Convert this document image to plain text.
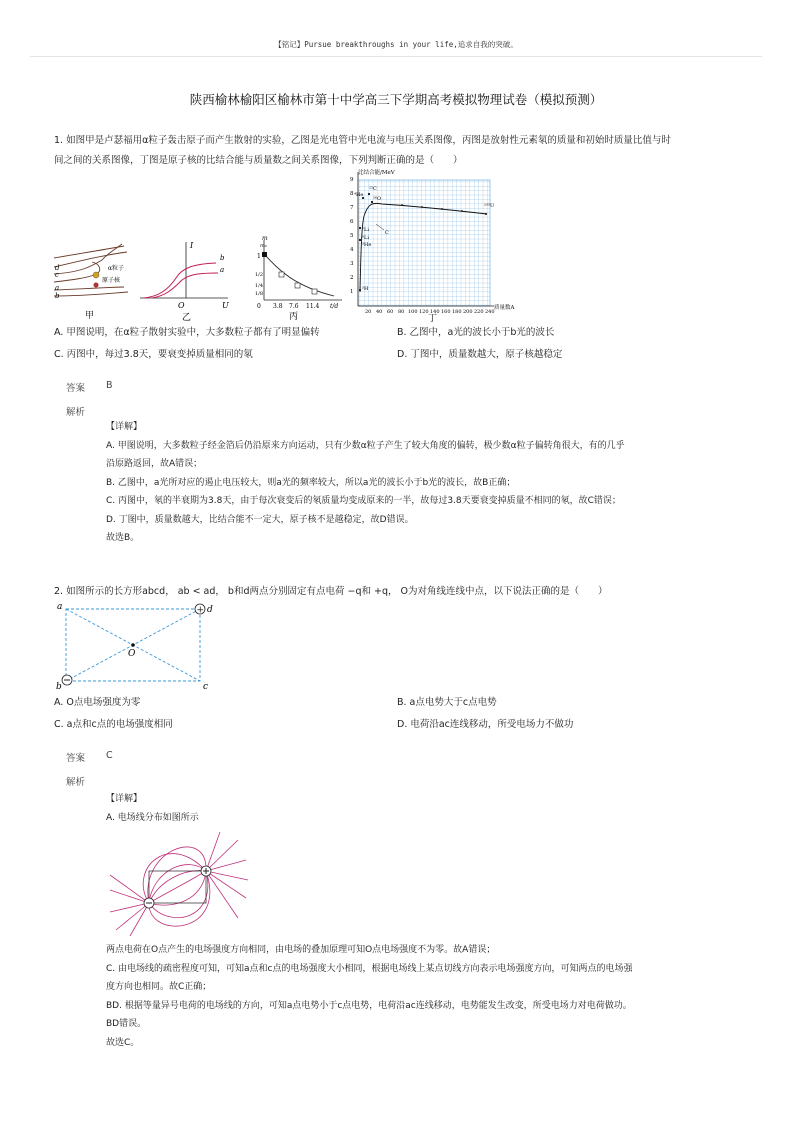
【铭记】Pursue breakthroughs in your life,追求自我的突破。
陕西榆林榆阳区榆林市第十中学高三下学期高考模拟物理试卷（模拟预测）
1. 如图甲是卢瑟福用α粒子轰击原子而产生散射的实验，乙图是光电管中光电流与电压关系图像，丙图是放射性元素氡的质量和初始时质量比值与时
间之间的关系图像，丁图是原子核的比结合能与质量数之间关系图像，下列判断正确的是（　　）
α粒子
原子核
a
b
c
d
甲
I
b
a
O	U
乙
m
m₀
1
1/2
1/4
1/8
0 3.8 7.6 11.4 t/d
丙
比结合能/MeV
质量数A
1
2
3
4
5
6
7
8
9
20 40 60 80 100 120 140 160 180 200 220 240
⁴He
¹²C
¹⁶O
⁶Li
⁷Li
³He
²H
²³⁵U
C
丁
A. 甲图说明，在α粒子散射实验中，大多数粒子都有了明显偏转	B. 乙图中，a光的波长小于b光的波长
C. 丙图中，每过3.8天，要衰变掉质量相同的氡	D. 丁图中，质量数越大，原子核越稳定
答案 B
解析
【详解】
A. 甲图说明，大多数粒子经金箔后仍沿原来方向运动，只有少数α粒子产生了较大角度的偏转，极少数α粒子偏转角很大，有的几乎
沿原路返回，故A错误；
B. 乙图中，a光所对应的遏止电压较大，则a光的频率较大，所以a光的波长小于b光的波长，故B正确；
C. 丙图中，氡的半衰期为3.8天，由于每次衰变后的氡质量均变成原来的一半，故每过3.8天要衰变掉质量不相同的氡，故C错误；
D. 丁图中，质量数越大，比结合能不一定大，原子核不是越稳定，故D错误。
故选B。
2. 如图所示的长方形abcd， ab < ad， b和d两点分别固定有点电荷 −q和 +q， O为对角线连线中点，以下说法正确的是（　　）
+
a	d
O
b	c
A. O点电场强度为零	B. a点电势大于c点电势
C. a点和c点的电场强度相同	D. 电荷沿ac连线移动，所受电场力不做功
答案 C
解析
【详解】
A. 电场线分布如图所示
两点电荷在O点产生的电场强度方向相同，由电场的叠加原理可知O点电场强度不为零。故A错误；
C. 由电场线的疏密程度可知，可知a点和c点的电场强度大小相同，根据电场线上某点切线方向表示电场强度方向，可知两点的电场强
度方向也相同。故C正确；
BD. 根据等量异号电荷的电场线的方向，可知a点电势小于c点电势，电荷沿ac连线移动，电势能发生改变，所受电场力对电荷做功。
BD错误。
故选C。
